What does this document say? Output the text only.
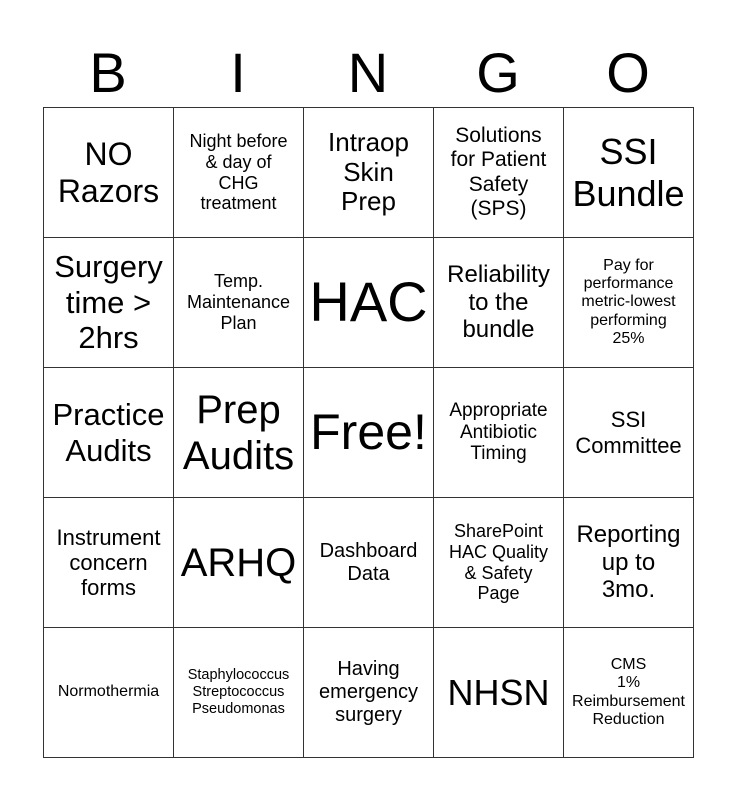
B	I	N	G	O
NO
Razors	Night before
& day of
CHG
treatment	Intraop
Skin
Prep	Solutions
for Patient
Safety
(SPS)	SSI
Bundle
Surgery
time >
2hrs	Temp.
Maintenance
Plan	HAC	Reliability
to the
bundle	Pay for
performance
metric-lowest
performing
25%
Practice
Audits	Prep
Audits	Free!	Appropriate
Antibiotic
Timing	SSI
Committee
Instrument
concern
forms	ARHQ	Dashboard
Data	SharePoint
HAC Quality
& Safety
Page	Reporting
up to
3mo.
Normothermia	Staphylococcus
Streptococcus
Pseudomonas	Having
emergency
surgery	NHSN	CMS
1%
Reimbursement
Reduction
